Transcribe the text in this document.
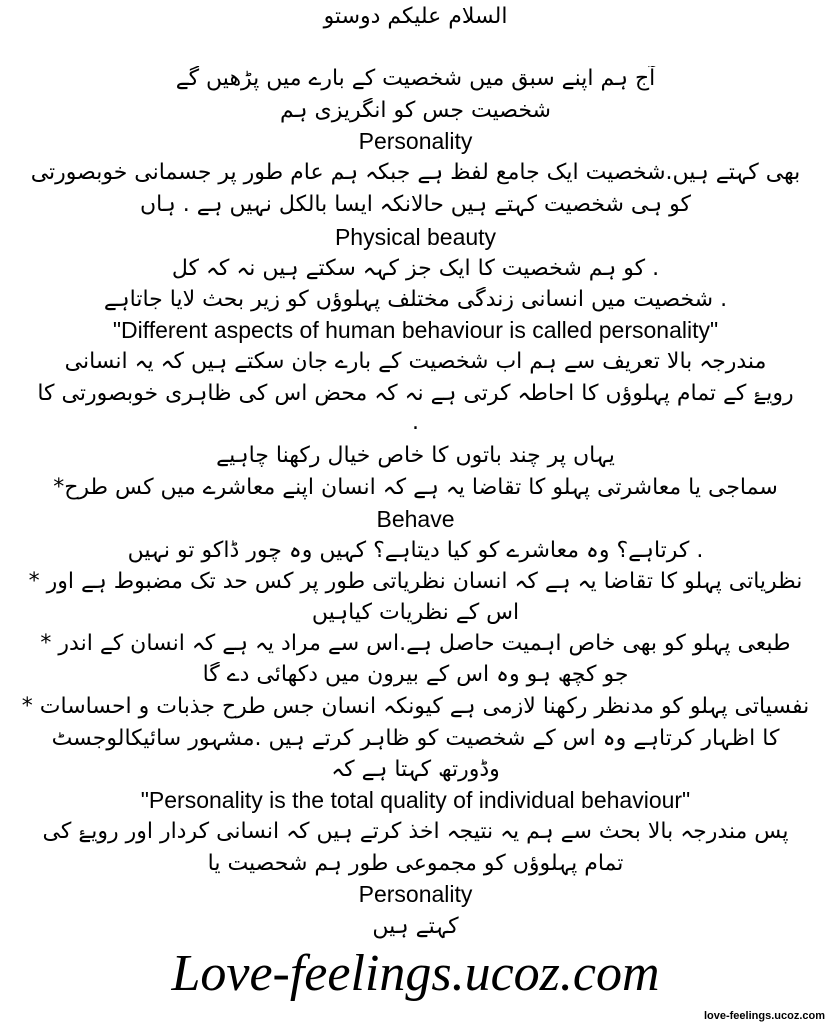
السلام علیکم دوستو
آج ہم اپنے سبق میں شخصیت کے بارے میں پڑھیں گے
شخصیت جس کو انگریزی ہم
Personality
بھی کہتے ہیں.شخصیت ایک جامع لفظ ہے جبکہ ہم عام طور پر جسمانی خوبصورتی
کو ہی شخصیت کہتے ہیں حالانکہ ایسا بالکل نہیں ہے . ہاں
Physical beauty
. کو ہم شخصیت کا ایک جز کہہ سکتے ہیں نہ کہ کل
. شخصیت میں انسانی زندگی مختلف پہلوؤں کو زیر بحث لایا جاتاہے
"Different aspects of human behaviour is called personality"
مندرجہ بالا تعریف سے ہم اب شخصیت کے بارے جان سکتے ہیں کہ یہ انسانی
رویۓ کے تمام پہلوؤں کا احاطہ کرتی ہے نہ کہ محض اس کی ظاہری خوبصورتی کا
.
یہاں پر چند باتوں کا خاص خیال رکھنا چاہیے
سماجی یا معاشرتی پہلو کا تقاضا یہ ہے کہ انسان اپنے معاشرے میں کس طرح*
Behave
. کرتاہے؟ وہ معاشرے کو کیا دیتاہے؟ کہیں وہ چور ڈاکو تو نہیں
نظریاتی پہلو کا تقاضا یہ ہے کہ انسان نظریاتی طور پر کس حد تک مضبوط ہے اور *
اس کے نظریات کیاہیں
طبعی پہلو کو بھی خاص اہمیت حاصل ہے.اس سے مراد یہ ہے کہ انسان کے اندر *
جو کچھ ہو وہ اس کے بیرون میں دکھائی دے گا
نفسیاتی پہلو کو مدنظر رکھنا لازمی ہے کیونکہ انسان جس طرح جذبات و احساسات *
کا اظہار کرتاہے وہ اس کے شخصیت کو ظاہر کرتے ہیں .مشہور سائیکالوجسٹ
وڈورتھ کہتا ہے کہ
"Personality is the total quality of individual behaviour"
پس مندرجہ بالا بحث سے ہم یہ نتیجہ اخذ کرتے ہیں کہ انسانی کردار اور رویۓ کی
تمام پہلوؤں کو مجموعی طور ہم شحصیت یا
Personality
کہتے ہیں
Love-feelings.ucoz.com
love-feelings.ucoz.com
